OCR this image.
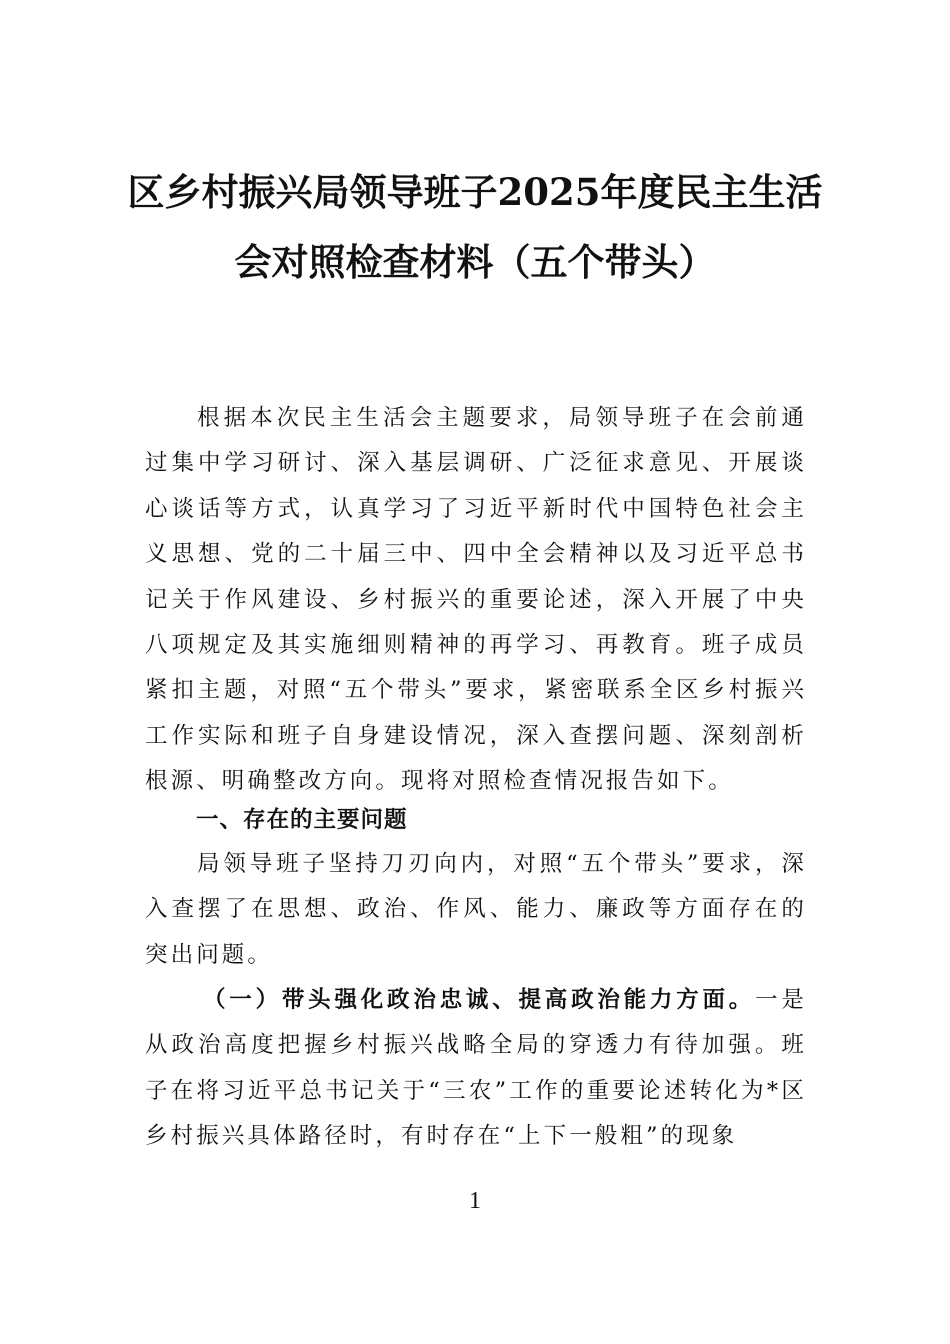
区乡村振兴局领导班子2025年度民主生活
会对照检查材料（五个带头）

根据本次民主生活会主题要求，局领导班子在会前通过集中学习研讨、深入基层调研、广泛征求意见、开展谈心谈话等方式，认真学习了习近平新时代中国特色社会主义思想、党的二十届三中、四中全会精神以及习近平总书记关于作风建设、乡村振兴的重要论述，深入开展了中央八项规定及其实施细则精神的再学习、再教育。班子成员紧扣主题，对照“五个带头”要求，紧密联系全区乡村振兴工作实际和班子自身建设情况，深入查摆问题、深刻剖析根源、明确整改方向。现将对照检查情况报告如下。

一、存在的主要问题

局领导班子坚持刀刃向内，对照“五个带头”要求，深入查摆了在思想、政治、作风、能力、廉政等方面存在的突出问题。

（一）带头强化政治忠诚、提高政治能力方面。一是从政治高度把握乡村振兴战略全局的穿透力有待加强。班子在将习近平总书记关于“三农”工作的重要论述转化为*区乡村振兴具体路径时，有时存在“上下一般粗”的现象

1
